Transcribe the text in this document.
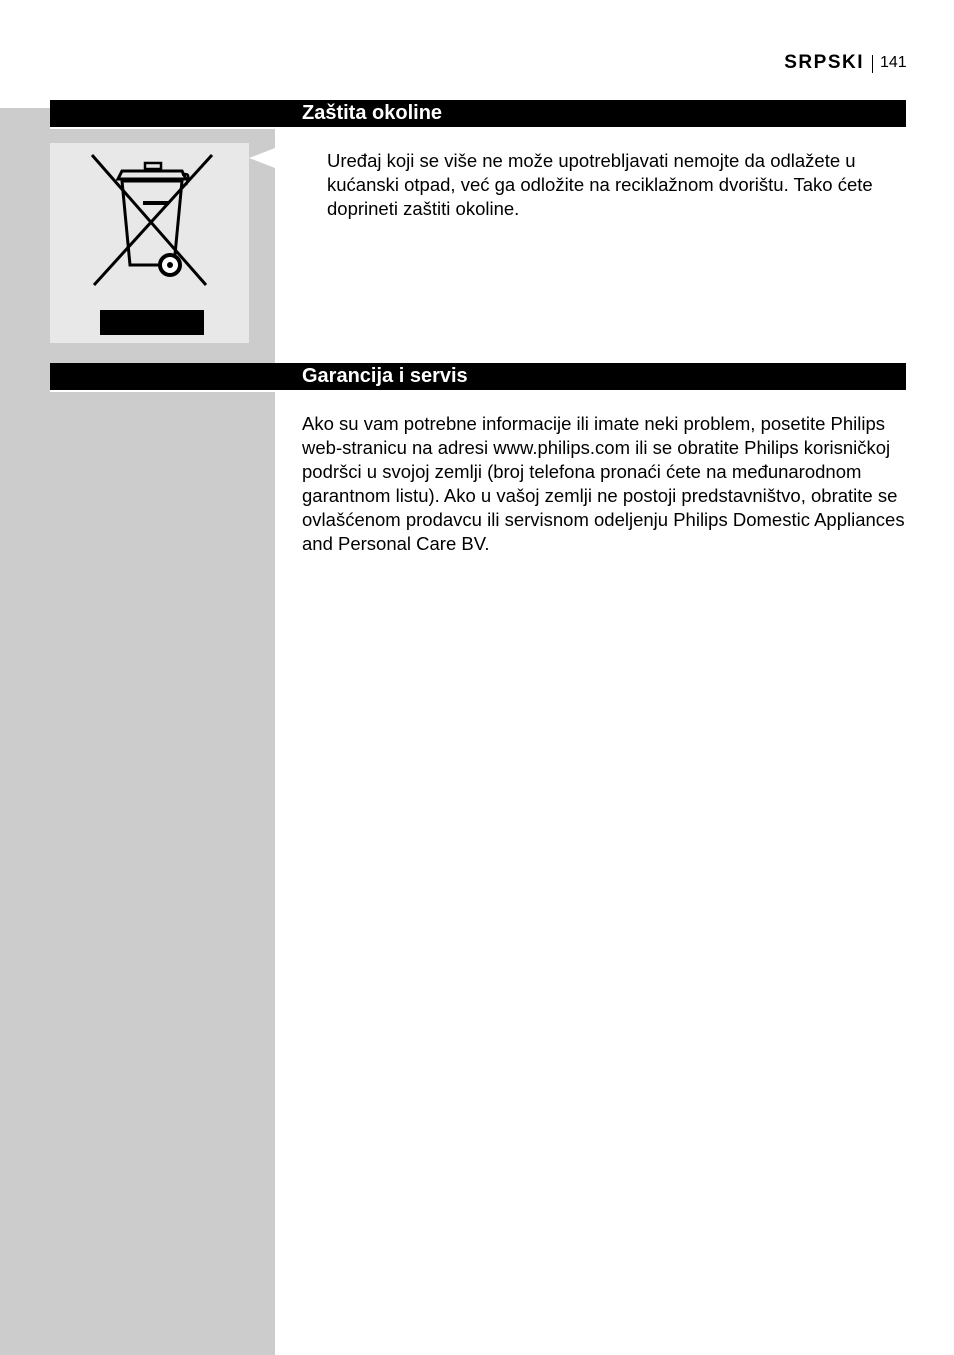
SRPSKI 141
Zaštita okoline
Uređaj koji se više ne može upotrebljavati nemojte da odlažete u kućanski otpad, već ga odložite na reciklažnom dvorištu. Tako ćete doprineti zaštiti okoline.
Garancija i servis
Ako su vam potrebne informacije ili imate neki problem, posetite Philips web-stranicu na adresi www.philips.com ili se obratite Philips korisničkoj podršci u svojoj zemlji (broj telefona pronaći ćete na međunarodnom garantnom listu). Ako u vašoj zemlji ne postoji predstavništvo, obratite se ovlašćenom prodavcu ili servisnom odeljenju Philips Domestic Appliances and Personal Care BV.
